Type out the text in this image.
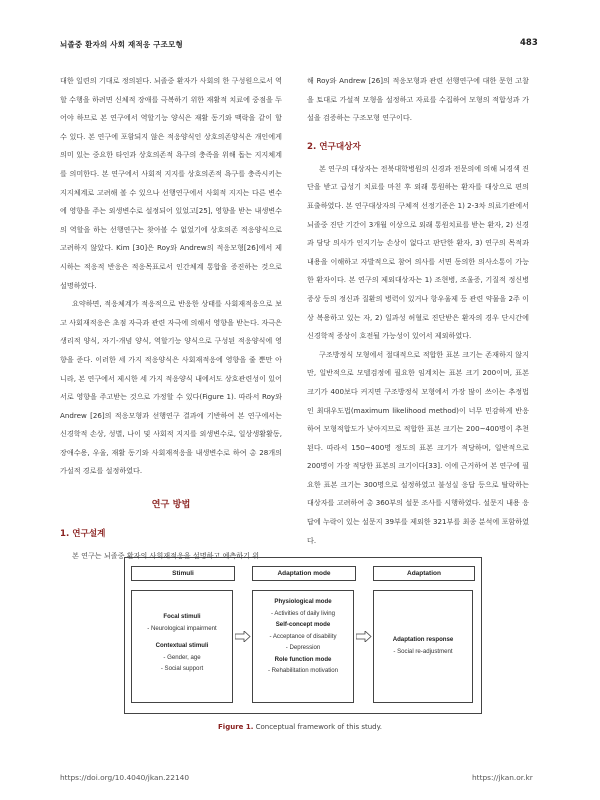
뇌졸중 환자의 사회 재적응 구조모형	483

대한 일련의 기대로 정의된다. 뇌졸중 환자가 사회의 한 구성원으로서 역할 수행을 하려면 신체적 장애를 극복하기 위한 재활적 치료에 중점을 두어야 하므로 본 연구에서 역할기능 양식은 재활 동기와 맥락을 같이 할 수 있다. 본 연구에 포함되지 않은 적응양식인 상호의존양식은 개인에게 의미 있는 중요한 타인과 상호의존적 욕구의 충족을 위해 돕는 지지체계를 의미한다. 본 연구에서 사회적 지지를 상호의존적 욕구를 충족시키는 지지체계로 고려해 볼 수 있으나 선행연구에서 사회적 지지는 다른 변수에 영향을 주는 외생변수로 설정되어 있었고[25], 영향을 받는 내생변수의 역할을 하는 선행연구는 찾아볼 수 없었기에 상호의존 적응양식으로 고려하지 않았다. Kim [30]은 Roy와 Andrew의 적응모형[26]에서 제시하는 적응적 반응은 적응목표로서 인간체계 통합을 증진하는 것으로 설명하였다.

요약하면, 적응체계가 적응적으로 반응한 상태를 사회재적응으로 보고 사회재적응은 초점 자극과 관련 자극에 의해서 영향을 받는다. 자극은 생리적 양식, 자기-개념 양식, 역할기능 양식으로 구성된 적응양식에 영향을 준다. 이러한 세 가지 적응양식은 사회재적응에 영향을 줄 뿐만 아니라, 본 연구에서 제시한 세 가지 적응양식 내에서도 상호관련성이 있어 서로 영향을 주고받는 것으로 가정할 수 있다(Figure 1). 따라서 Roy와 Andrew [26]의 적응모형과 선행연구 결과에 기반하여 본 연구에서는 신경학적 손상, 성별, 나이 및 사회적 지지를 외생변수로, 일상생활활동, 장애수용, 우울, 재활 동기와 사회재적응을 내생변수로 하여 총 28개의 가설적 경로를 설정하였다.

연구 방법
1. 연구설계

본 연구는 뇌졸중 환자의 사회재적응을 설명하고 예측하기 위

해 Roy와 Andrew [26]의 적응모형과 관련 선행연구에 대한 문헌 고찰을 토대로 가설적 모형을 설정하고 자료를 수집하여 모형의 적합성과 가설을 검증하는 구조모형 연구이다.

2. 연구대상자

본 연구의 대상자는 전북대학병원의 신경과 전문의에 의해 뇌경색 진단을 받고 급성기 치료를 마친 후 외래 통원하는 환자를 대상으로 편의 표출하였다. 본 연구대상자의 구체적 선정기준은 1) 2-3차 의료기관에서 뇌졸중 진단 기간이 3개월 이상으로 외래 통원치료를 받는 환자, 2) 신경과 담당 의사가 인지기능 손상이 없다고 판단한 환자, 3) 연구의 목적과 내용을 이해하고 자발적으로 참여 의사를 서면 동의한 의사소통이 가능한 환자이다. 본 연구의 제외대상자는 1) 조현병, 조울증, 기질적 정신병 증상 등의 정신과 질환의 병력이 있거나 항우울제 등 관련 약물을 2주 이상 복용하고 있는 자, 2) 일과성 허혈로 진단받은 환자의 경우 단시간에 신경학적 증상이 호전될 가능성이 있어서 제외하였다.

구조방정식 모형에서 절대적으로 적합한 표본 크기는 존재하지 않지만, 일반적으로 모델검정에 필요한 임계치는 표본 크기 200이며, 표본 크기가 400보다 커지면 구조방정식 모형에서 가장 많이 쓰이는 추정법인 최대우도법(maximum likelihood method)이 너무 민감하게 반응하여 모형적합도가 낮아지므로 적합한 표본 크기는 200~400명이 추천된다. 따라서 150~400명 정도의 표본 크기가 적당하며, 일반적으로 200명이 가장 적당한 표본의 크기이다[33]. 이에 근거하여 본 연구에 필요한 표본 크기는 300명으로 설정하였고 불성실 응답 등으로 탈락하는 대상자를 고려하여 총 360부의 설문 조사를 시행하였다. 설문지 내용 응답에 누락이 있는 설문지 39부를 제외한 321부를 최종 분석에 포함하였다.

Stimuli	Adaptation mode	Adaptation
Focal stimuli
- Neurological impairment
Contextual stimuli
- Gender, age
- Social support
Physiological mode
- Activities of daily living
Self-concept mode
- Acceptance of disability
- Depression
Role function mode
- Rehabilitation motivation
Adaptation response
- Social re-adjustment
Figure 1. Conceptual framework of this study.
https://doi.org/10.4040/jkan.22140	https://jkan.or.kr
